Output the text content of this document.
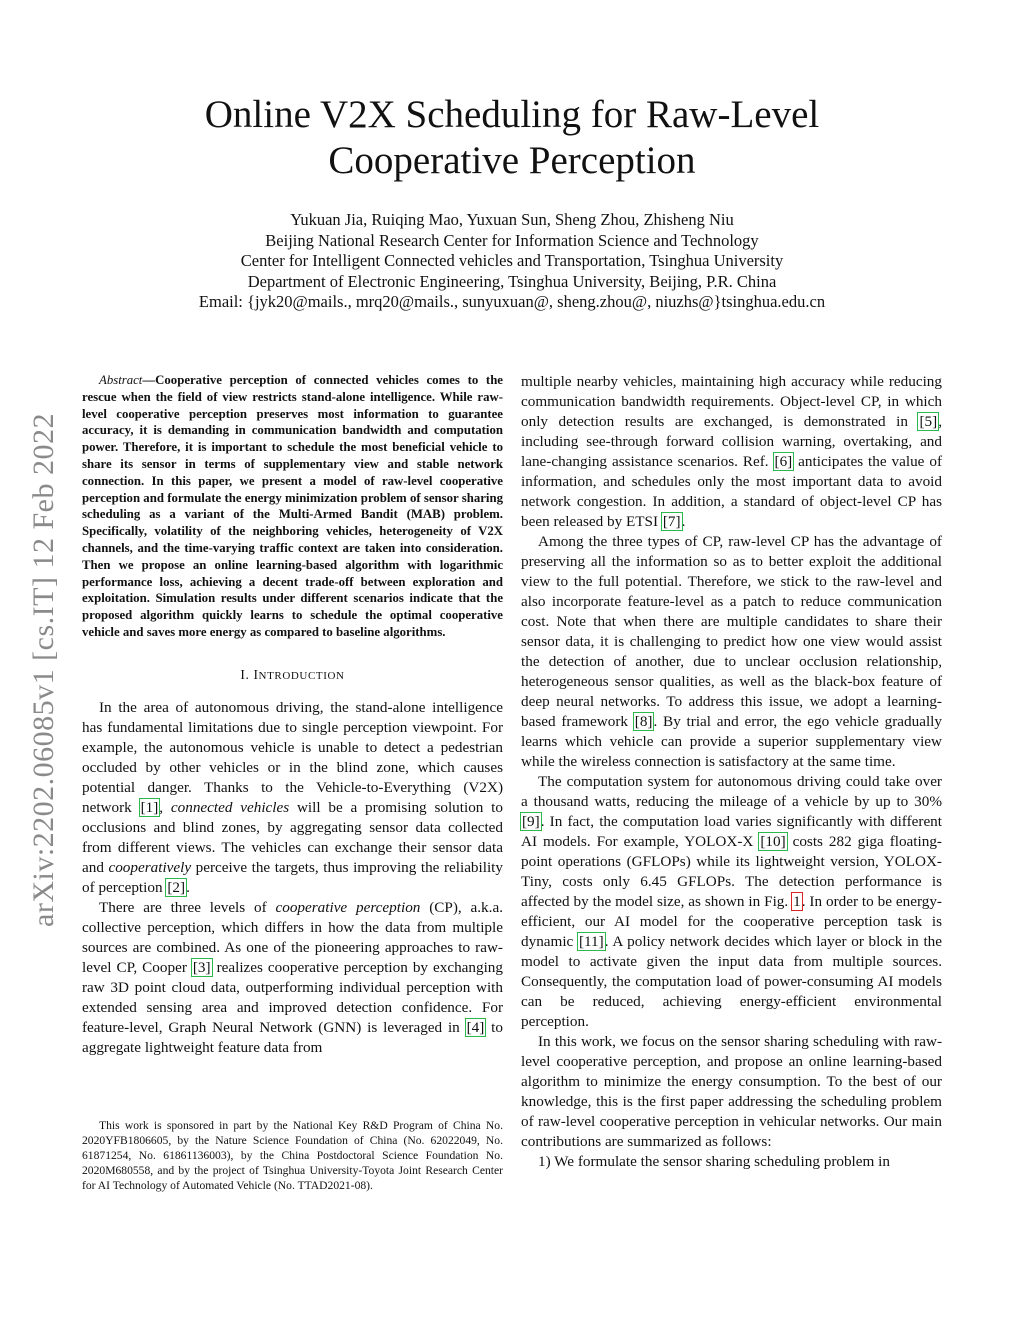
Online V2X Scheduling for Raw-Level
Cooperative Perception
Yukuan Jia, Ruiqing Mao, Yuxuan Sun, Sheng Zhou, Zhisheng Niu
Beijing National Research Center for Information Science and Technology
Center for Intelligent Connected vehicles and Transportation, Tsinghua University
Department of Electronic Engineering, Tsinghua University, Beijing, P.R. China
Email: {jyk20@mails., mrq20@mails., sunyuxuan@, sheng.zhou@, niuzhs@}tsinghua.edu.cn
arXiv:2202.06085v1 [cs.IT] 12 Feb 2022

Abstract—Cooperative perception of connected vehicles comes to the rescue when the field of view restricts stand-alone intelligence. While raw-level cooperative perception preserves most information to guarantee accuracy, it is demanding in communication bandwidth and computation power. Therefore, it is important to schedule the most beneficial vehicle to share its sensor in terms of supplementary view and stable network connection. In this paper, we present a model of raw-level cooperative perception and formulate the energy minimization problem of sensor sharing scheduling as a variant of the Multi-Armed Bandit (MAB) problem. Specifically, volatility of the neighboring vehicles, heterogeneity of V2X channels, and the time-varying traffic context are taken into consideration. Then we propose an online learning-based algorithm with logarithmic performance loss, achieving a decent trade-off between exploration and exploitation. Simulation results under different scenarios indicate that the proposed algorithm quickly learns to schedule the optimal cooperative vehicle and saves more energy as compared to baseline algorithms.

I. INTRODUCTION

In the area of autonomous driving, the stand-alone intelligence has fundamental limitations due to single perception viewpoint. For example, the autonomous vehicle is unable to detect a pedestrian occluded by other vehicles or in the blind zone, which causes potential danger. Thanks to the Vehicle-to-Everything (V2X) network [1], connected vehicles will be a promising solution to occlusions and blind zones, by aggregating sensor data collected from different views. The vehicles can exchange their sensor data and cooperatively perceive the targets, thus improving the reliability of perception [2].

There are three levels of cooperative perception (CP), a.k.a. collective perception, which differs in how the data from multiple sources are combined. As one of the pioneering approaches to raw-level CP, Cooper [3] realizes cooperative perception by exchanging raw 3D point cloud data, outperforming individual perception with extended sensing area and improved detection confidence. For feature-level, Graph Neural Network (GNN) is leveraged in [4] to aggregate lightweight feature data from

This work is sponsored in part by the National Key R&D Program of China No. 2020YFB1806605, by the Nature Science Foundation of China (No. 62022049, No. 61871254, No. 61861136003), by the China Postdoctoral Science Foundation No. 2020M680558, and by the project of Tsinghua University-Toyota Joint Research Center for AI Technology of Automated Vehicle (No. TTAD2021-08).

multiple nearby vehicles, maintaining high accuracy while reducing communication bandwidth requirements. Object-level CP, in which only detection results are exchanged, is demonstrated in [5], including see-through forward collision warning, overtaking, and lane-changing assistance scenarios. Ref. [6] anticipates the value of information, and schedules only the most important data to avoid network congestion. In addition, a standard of object-level CP has been released by ETSI [7].

Among the three types of CP, raw-level CP has the advantage of preserving all the information so as to better exploit the additional view to the full potential. Therefore, we stick to the raw-level and also incorporate feature-level as a patch to reduce communication cost. Note that when there are multiple candidates to share their sensor data, it is challenging to predict how one view would assist the detection of another, due to unclear occlusion relationship, heterogeneous sensor qualities, as well as the black-box feature of deep neural networks. To address this issue, we adopt a learning-based framework [8]. By trial and error, the ego vehicle gradually learns which vehicle can provide a superior supplementary view while the wireless connection is satisfactory at the same time.

The computation system for autonomous driving could take over a thousand watts, reducing the mileage of a vehicle by up to 30% [9]. In fact, the computation load varies significantly with different AI models. For example, YOLOX-X [10] costs 282 giga floating-point operations (GFLOPs) while its lightweight version, YOLOX-Tiny, costs only 6.45 GFLOPs. The detection performance is affected by the model size, as shown in Fig. 1. In order to be energy-efficient, our AI model for the cooperative perception task is dynamic [11]. A policy network decides which layer or block in the model to activate given the input data from multiple sources. Consequently, the computation load of power-consuming AI models can be reduced, achieving energy-efficient environmental perception.

In this work, we focus on the sensor sharing scheduling with raw-level cooperative perception, and propose an online learning-based algorithm to minimize the energy consumption. To the best of our knowledge, this is the first paper addressing the scheduling problem of raw-level cooperative perception in vehicular networks. Our main contributions are summarized as follows:

1) We formulate the sensor sharing scheduling problem in
